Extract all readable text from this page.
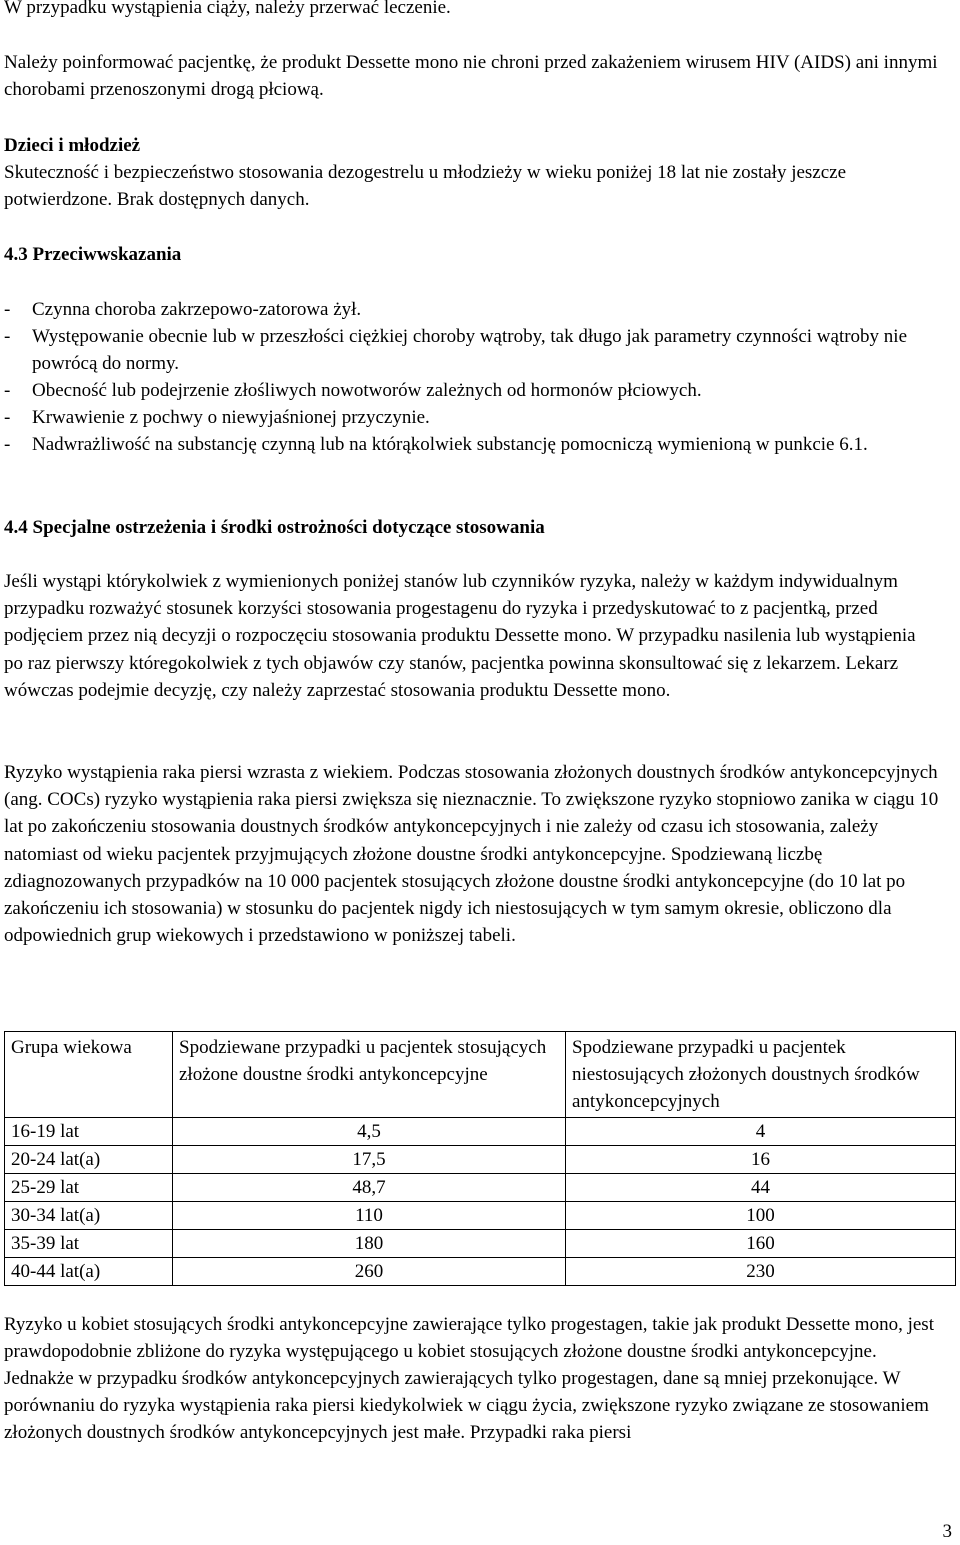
W przypadku wystąpienia ciąży, należy przerwać leczenie.

Należy poinformować pacjentkę, że produkt Dessette mono nie chroni przed zakażeniem wirusem HIV (AIDS) ani innymi chorobami przenoszonymi drogą płciową.

Dzieci i młodzież

Skuteczność i bezpieczeństwo stosowania dezogestrelu u młodzieży w wieku poniżej 18 lat nie zostały jeszcze potwierdzone. Brak dostępnych danych.

4.3 Przeciwwskazania

- Czynna choroba zakrzepowo-zatorowa żył.
- Występowanie obecnie lub w przeszłości ciężkiej choroby wątroby, tak długo jak parametry czynności wątroby nie powrócą do normy.
- Obecność lub podejrzenie złośliwych nowotworów zależnych od hormonów płciowych.
- Krwawienie z pochwy o niewyjaśnionej przyczynie.
- Nadwrażliwość na substancję czynną lub na którąkolwiek substancję pomocniczą wymienioną w punkcie 6.1.

4.4 Specjalne ostrzeżenia i środki ostrożności dotyczące stosowania

Jeśli wystąpi którykolwiek z wymienionych poniżej stanów lub czynników ryzyka, należy w każdym indywidualnym przypadku rozważyć stosunek korzyści stosowania progestagenu do ryzyka i przedyskutować to z pacjentką, przed podjęciem przez nią decyzji o rozpoczęciu stosowania produktu Dessette mono. W przypadku nasilenia lub wystąpienia po raz pierwszy któregokolwiek z tych objawów czy stanów, pacjentka powinna skonsultować się z lekarzem. Lekarz wówczas podejmie decyzję, czy należy zaprzestać stosowania produktu Dessette mono.

Ryzyko wystąpienia raka piersi wzrasta z wiekiem. Podczas stosowania złożonych doustnych środków antykoncepcyjnych (ang. COCs) ryzyko wystąpienia raka piersi zwiększa się nieznacznie. To zwiększone ryzyko stopniowo zanika w ciągu 10 lat po zakończeniu stosowania doustnych środków antykoncepcyjnych i nie zależy od czasu ich stosowania, zależy natomiast od wieku pacjentek przyjmujących złożone doustne środki antykoncepcyjne. Spodziewaną liczbę zdiagnozowanych przypadków na 10 000 pacjentek stosujących złożone doustne środki antykoncepcyjne (do 10 lat po zakończeniu ich stosowania) w stosunku do pacjentek nigdy ich niestosujących w tym samym okresie, obliczono dla odpowiednich grup wiekowych i przedstawiono w poniższej tabeli.

Grupa wiekowa	Spodziewane przypadki u pacjentek stosujących złożone doustne środki antykoncepcyjne	Spodziewane przypadki u pacjentek niestosujących złożonych doustnych środków antykoncepcyjnych
16-19 lat	4,5	4
20-24 lat(a)	17,5	16
25-29 lat	48,7	44
30-34 lat(a)	110	100
35-39 lat	180	160
40-44 lat(a)	260	230

Ryzyko u kobiet stosujących środki antykoncepcyjne zawierające tylko progestagen, takie jak produkt Dessette mono, jest prawdopodobnie zbliżone do ryzyka występującego u kobiet stosujących złożone doustne środki antykoncepcyjne. Jednakże w przypadku środków antykoncepcyjnych zawierających tylko progestagen, dane są mniej przekonujące. W porównaniu do ryzyka wystąpienia raka piersi kiedykolwiek w ciągu życia, zwiększone ryzyko związane ze stosowaniem złożonych doustnych środków antykoncepcyjnych jest małe. Przypadki raka piersi

3
